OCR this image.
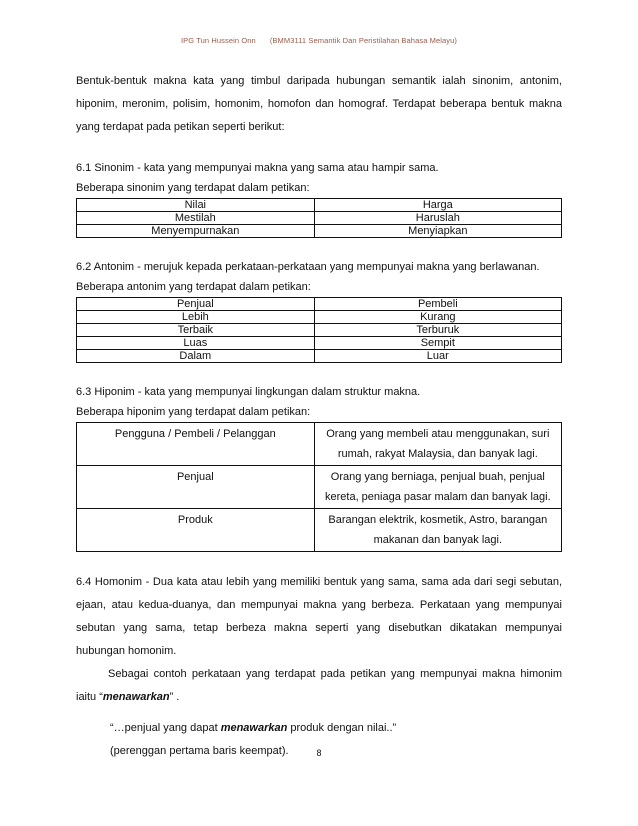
IPG Tun Hussein Onn (BMM3111 Semantik Dan Peristilahan Bahasa Melayu)

Bentuk-bentuk makna kata yang timbul daripada hubungan semantik ialah sinonim, antonim, hiponim, meronim, polisim, homonim, homofon dan homograf. Terdapat beberapa bentuk makna yang terdapat pada petikan seperti berikut:

6.1 Sinonim - kata yang mempunyai makna yang sama atau hampir sama.

Beberapa sinonim yang terdapat dalam petikan:

Nilai	Harga
Mestilah	Haruslah
Menyempurnakan	Menyiapkan

6.2 Antonim - merujuk kepada perkataan-perkataan yang mempunyai makna yang berlawanan.

Beberapa antonim yang terdapat dalam petikan:

Penjual	Pembeli
Lebih	Kurang
Terbaik	Terburuk
Luas	Sempit
Dalam	Luar

6.3 Hiponim - kata yang mempunyai lingkungan dalam struktur makna.

Beberapa hiponim yang terdapat dalam petikan:

Pengguna / Pembeli / Pelanggan	Orang yang membeli atau menggunakan, suri rumah, rakyat Malaysia, dan banyak lagi.
Penjual	Orang yang berniaga, penjual buah, penjual kereta, peniaga pasar malam dan banyak lagi.
Produk	Barangan elektrik, kosmetik, Astro, barangan makanan dan banyak lagi.

6.4 Homonim - Dua kata atau lebih yang memiliki bentuk yang sama, sama ada dari segi sebutan, ejaan, atau kedua-duanya, dan mempunyai makna yang berbeza. Perkataan yang mempunyai sebutan yang sama, tetap berbeza makna seperti yang disebutkan dikatakan mempunyai hubungan homonim.

Sebagai contoh perkataan yang terdapat pada petikan yang mempunyai makna himonim iaitu “menawarkan” .

“…penjual yang dapat menawarkan produk dengan nilai..”

(perenggan pertama baris keempat).	8
